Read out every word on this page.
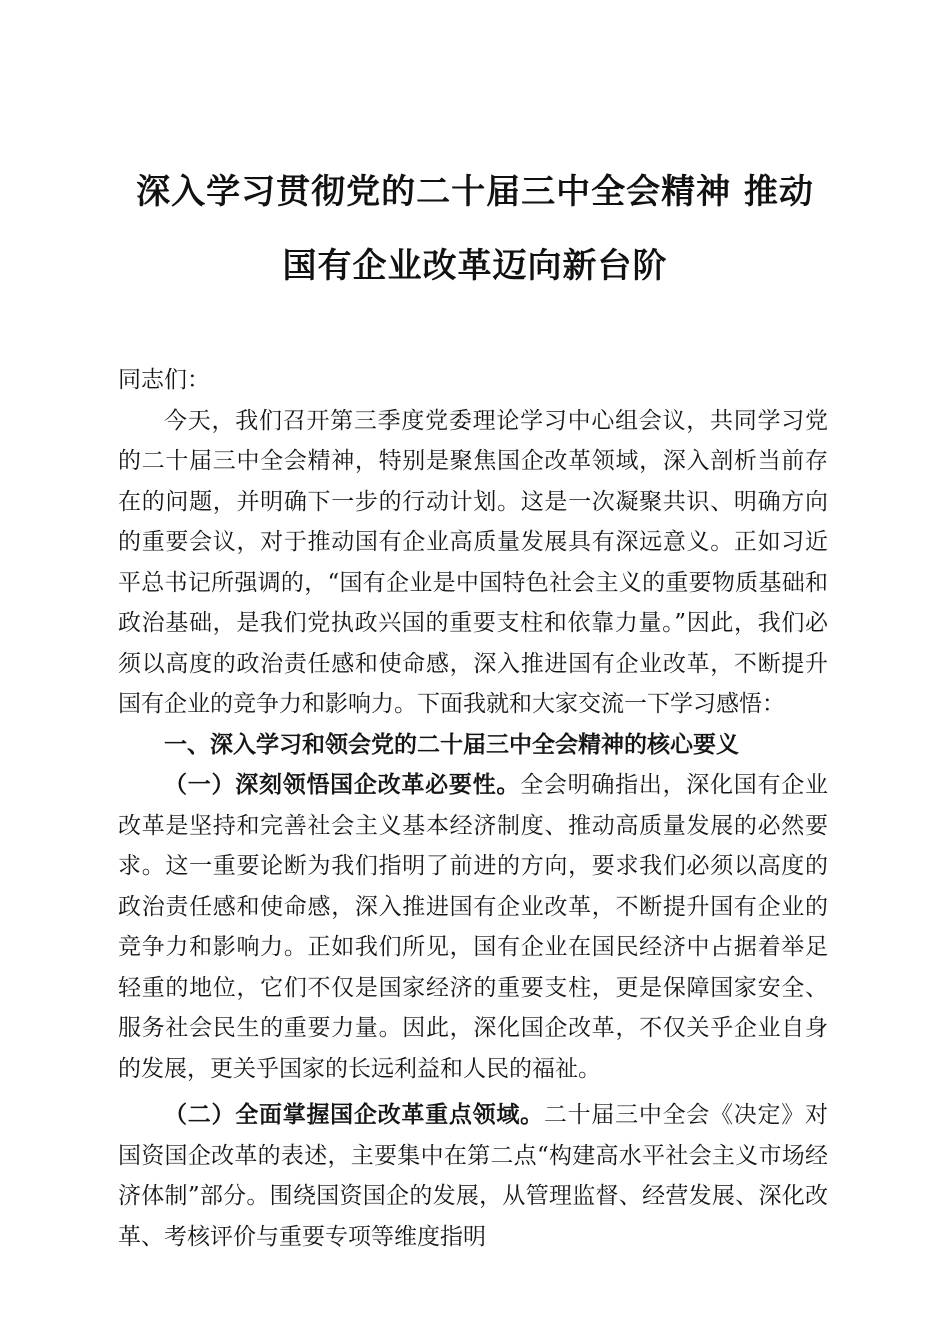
深入学习贯彻党的二十届三中全会精神 推动
国有企业改革迈向新台阶

同志们：

今天，我们召开第三季度党委理论学习中心组会议，共同学习党的二十届三中全会精神，特别是聚焦国企改革领域，深入剖析当前存在的问题，并明确下一步的行动计划。这是一次凝聚共识、明确方向的重要会议，对于推动国有企业高质量发展具有深远意义。正如习近平总书记所强调的，“国有企业是中国特色社会主义的重要物质基础和政治基础，是我们党执政兴国的重要支柱和依靠力量。”因此，我们必须以高度的政治责任感和使命感，深入推进国有企业改革，不断提升国有企业的竞争力和影响力。下面我就和大家交流一下学习感悟：

一、深入学习和领会党的二十届三中全会精神的核心要义

（一）深刻领悟国企改革必要性。全会明确指出，深化国有企业改革是坚持和完善社会主义基本经济制度、推动高质量发展的必然要求。这一重要论断为我们指明了前进的方向，要求我们必须以高度的政治责任感和使命感，深入推进国有企业改革，不断提升国有企业的竞争力和影响力。正如我们所见，国有企业在国民经济中占据着举足轻重的地位，它们不仅是国家经济的重要支柱，更是保障国家安全、服务社会民生的重要力量。因此，深化国企改革，不仅关乎企业自身的发展，更关乎国家的长远利益和人民的福祉。

（二）全面掌握国企改革重点领域。二十届三中全会《决定》对国资国企改革的表述，主要集中在第二点“构建高水平社会主义市场经济体制”部分。围绕国资国企的发展，从管理监督、经营发展、深化改革、考核评价与重要专项等维度指明
